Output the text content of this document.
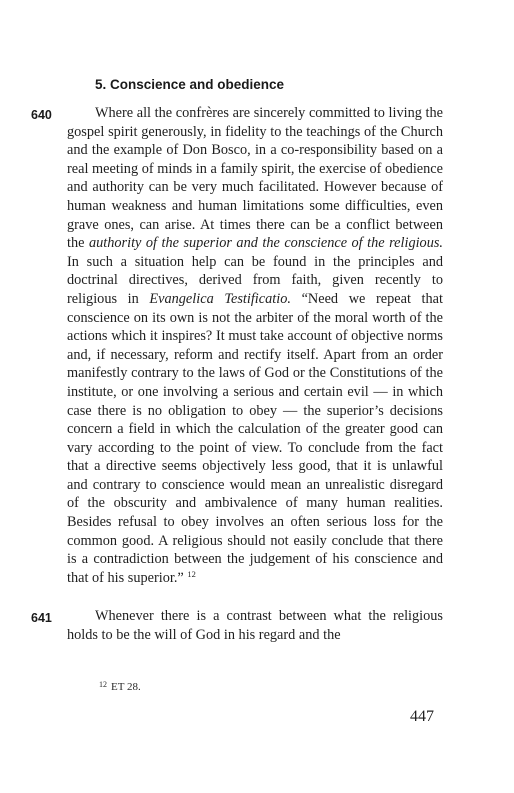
5. Conscience and obedience
640	Where all the confrères are sincerely committed to living the gospel spirit generously, in fidelity to the teachings of the Church and the example of Don Bosco, in a co-responsibility based on a real meeting of minds in a family spirit, the exercise of obedience and authority can be very much facilitated. However because of human weakness and human limitations some difficulties, even grave ones, can arise. At times there can be a conflict between the authority of the superior and the conscience of the religious. In such a situation help can be found in the principles and doctrinal directives, derived from faith, given recently to religious in Evangelica Testificatio. “Need we repeat that conscience on its own is not the arbiter of the moral worth of the actions which it inspires? It must take account of objective norms and, if necessary, reform and rectify itself. Apart from an order manifestly contrary to the laws of God or the Constitutions of the institute, or one involving a serious and certain evil — in which case there is no obligation to obey — the superior’s decisions concern a field in which the calculation of the greater good can vary according to the point of view. To conclude from the fact that a directive seems objectively less good, that it is unlawful and contrary to conscience would mean an unrealistic disregard of the obscurity and ambivalence of many human realities. Besides refusal to obey involves an often serious loss for the common good. A religious should not easily conclude that there is a contradiction between the judgement of his conscience and that of his superior.” $^{12}$

641	Whenever there is a contrast between what the religious holds to be the will of God in his regard and the

$^{12}$ ET 28.
447
